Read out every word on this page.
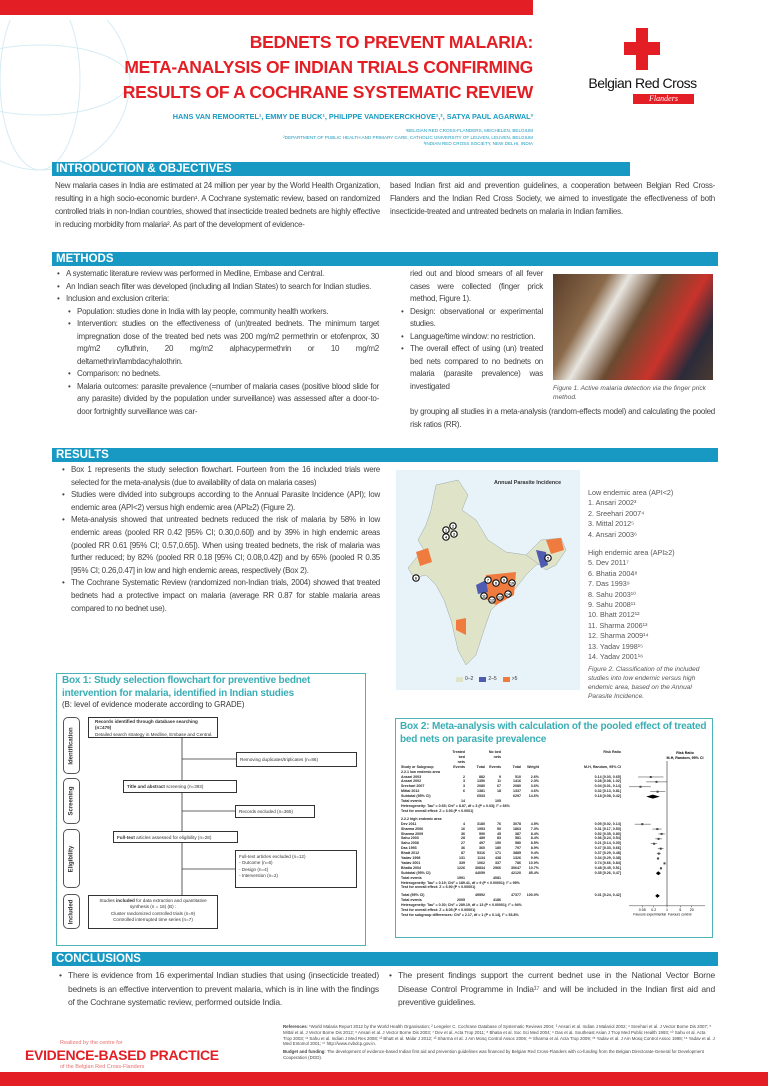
BEDNETS TO PREVENT MALARIA:
META-ANALYSIS OF INDIAN TRIALS CONFIRMING
RESULTS OF A COCHRANE SYSTEMATIC REVIEW
HANS VAN REMOORTEL¹, EMMY DE BUCK¹, PHILIPPE VANDEKERCKHOVE¹,², SATYA PAUL AGARWAL³
¹BELGIAN RED CROSS-FLANDERS, MECHELEN, BELGIUM
²DEPARTMENT OF PUBLIC HEALTH AND PRIMARY CARE, CATHOLIC UNIVERSITY OF LEUVEN, LEUVEN, BELGIUM
³INDIAN RED CROSS SOCIETY, NEW DELHI, INDIA
Belgian Red Cross
Flanders
INTRODUCTION & OBJECTIVES
New malaria cases in India are estimated at 24 million per year by the World Health Organization, resulting in a high socio-economic burden¹. A Cochrane systematic review, based on randomized controlled trials in non-Indian countries, showed that insecticide treated bednets are highly effective in reducing morbidity from malaria². As part of the development of evidence-
based Indian first aid and prevention guidelines, a cooperation between Belgian Red Cross-Flanders and the Indian Red Cross Society, we aimed to investigate the effectiveness of both insecticide-treated and untreated bednets on malaria in Indian families.
METHODS
• A systematic literature review was performed in Medline, Embase and Central.
• An Indian seach filter was developed (including all Indian States) to search for Indian studies.
• Inclusion and exclusion criteria:
• Population: studies done in India with lay people, community health workers.
• Intervention: studies on the effectiveness of (un)treated bednets. The minimum target impregnation dose of the treated bed nets was 200 mg/m2 permethrin or etofenprox, 30 mg/m2 cyfluthrin, 20 mg/m2 alphacypermethrin or 10 mg/m2 deltamethrin/lambdacyhalothrin.
• Comparison: no bednets.
• Malaria outcomes: parasite prevalence (=number of malaria cases (positive blood slide for any parasite) divided by the population under surveillance) was assessed after a door-to-door fortnightly surveillance was car-
Figure 1. Active malaria detection via the finger prick method.
ried out and blood smears of all fever cases were collected (finger prick method, Figure 1).
• Design: observational or experimental studies.
• Language/time window: no restriction.
• The overall effect of using (un) treated bed nets compared to no bednets on malaria (parasite prevalence) was investigated
by grouping all studies in a meta-analysis (random-effects model) and calculating the pooled risk ratios (RR).
RESULTS
• Box 1 represents the study selection flowchart. Fourteen from the 16 included trials were selected for the meta-analysis (due to availability of data on malaria cases)
• Studies were divided into subgroups according to the Annual Parasite Incidence (API); low endemic area (API<2) versus high endemic area (API≥2) (Figure 2).
• Meta-analysis showed that untreated bednets reduced the risk of malaria by 58% in low endemic areas (pooled RR 0.42 [95% CI; 0.30,0.60]) and by 39% in high endemic areas (pooled RR 0.61 [95% CI; 0.57,0.65]). When using treated bednets, the risk of malaria was further reduced; by 82% (pooled RR 0.18 [95% CI; 0.08,0.42]) and by 65% (pooled R 0.35 [95% CI; 0.26,0.47] in low and high endemic areas, respectively (Box 2).
• The Cochrane Systematic Review (randomized non-Indian trials, 2004) showed that treated bednets had a protective impact on malaria (average RR 0.87 for stable malaria areas compared to no bednet use).
1
2
3
4
5
6	7
8
9
10
11
12
13
14
Annual Parasite Incidence
0–2	2–5	>5
Low endemic area (API<2)
1. Ansari 2002³
2. Sreehari 2007⁴
3. Mittal 2012⁵
4. Ansari 2003⁶
High endemic area (API≥2)
5. Dev 2011⁷
6. Bhatia 2004⁸
7. Das 1993⁹
8. Sahu 2003¹⁰
9. Sahu 2008¹¹
10. Bhatt 2012¹²
11. Sharma 2006¹³
12. Sharma 2009¹⁴
13. Yadav 1998¹⁵
14. Yadav 2001¹⁶
Figure 2. Classification of the included studies into low endemic versus high endemic area, based on the Annual Parasite Incidence.
Box 1: Study selection flowchart for preventive bednet intervention for malaria, identified in Indian studies
(B: level of evidence moderate according to GRADE)
Identification
Screening
Eligibility
Included
Records identified through database searching (n=479)
Detailed search strategy in Medline, Embase and Central.
Removing duplicates/triplicates (n=86)
Title and abstract screening (n=393)
Records excluded (n=365)
Full-text articles assessed for eligibility (n=28)
Full-text articles excluded (n=12)
- Outcome (n=6)
- Design (n=4)
- Intervention (n=2)
Studies included for data extraction and quantitative synthesis (n = 16) (B) :
Cluster randomized controlled trials (n=9)
Controlled interrupted time series (n=7)
Box 2: Meta-analysis with calculation of the pooled effect of treated bed nets on parasite prevalence
	Treated bed nets		No bed nets			Risk Ratio
Study or Subgroup	Events	Total	Events	Total	Weight	M-H, Random, 95% CI
2.2.1 low endemic area						
Ansari 2003	2	882	9	510	2.6%	0.14 [0.03, 0.65]
Ansari 2002	3	1350	11	1416	2.3%	0.28 [0.08, 1.02]
Sreehari 2007	3	2080	67	2080	3.6%	0.04 [0.01, 0.14]
Mittal 2012	6	1381	18	1337	4.6%	0.32 [0.13, 0.81]
Subtotal (95% CI)		6533		6297	14.6%	0.18 [0.08, 0.42]
Total events	14		105			
Heterogeneity: Tau² = 0.65; Chi² = 8.87, df = 3 (P = 0.03); I² = 66%						
Test for overall effect: Z = 3.93 (P < 0.0001)						

2.2.2 high endemic area						
Dev 2011	4	3180	76	3078	4.5%	0.05 [0.02, 0.14]
Sharma 2006	16	1953	50	1863	7.3%	0.31 [0.17, 0.53]
Sharma 2009	36	590	45	387	8.4%	0.52 [0.35, 0.80]
Sahu 2003	28	489	83	581	8.4%	0.36 [0.24, 0.54]
Sahu 2008	27	497	150	580	8.5%	0.21 [0.14, 0.30]
Das 1993	36	360	180	797	8.9%	0.47 [0.33, 0.66]
Bhatt 2012	87	5316	171	3885	9.4%	0.37 [0.29, 0.48]
Yadav 1998	131	1134	438	1326	9.9%	0.34 [0.29, 0.38]
Yadav 2001	339	1062	337	786	10.0%	0.74 [0.66, 0.84]
Bhatia 2004	1226	30834	2566	30647	10.7%	0.48 [0.45, 0.51]
Subtotal (95% CI)		44059		42120	85.4%	0.35 [0.26, 0.47]
Total events	1991		4081			
Heterogeneity: Tau² = 0.19; Chi² = 189.41, df = 9 (P < 0.00001); I² = 95%						
Test for overall effect: Z = 6.90 (P < 0.00001)						

Total (95% CI)		49592		47377	100.0%	0.31 [0.24, 0.42]
Total events	2005		4186			
Heterogeneity: Tau² = 0.30; Chi² = 289.19, df = 13 (P < 0.00001); I² = 94%						
Test for overall effect: Z = 8.05 (P < 0.00001)						
Test for subgroup differences: Chi² = 2.17, df = 1 (P = 0.14), I² = 53.8%						
Risk Ratio
M-H, Random, 95% CI
0.05 0.2	1	5 20
Favours experimental Favours control
CONCLUSIONS
• There is evidence from 16 experimental Indian studies that using (insecticide treated) bednets is an effective intervention to prevent malaria, which is in line with the findings of the Cochrane systematic review, performed outside India.
• The present findings support the current bednet use in the National Vector Borne Disease Control Programme in India¹⁷ and will be included in the Indian first aid and preventive guidelines.
References: ¹World Malaria Report 2012 by the World Health Organisation; ² Lengeler C. Cochrane Database of Systematic Reviews 2004; ³ Ansari et al. Indian J Malariol 2002; ⁴ Sreehari et al. J Vector Borne Dis 2007; ⁵ Mittal et al. J Vector Borne Dis 2012; ⁶ Ansari et al. J Vector Borne Dis 2003; ⁷ Dev et al. Acta Trop 2011; ⁸ Bhatia et al. Soc Sci Med 2004; ⁹ Das et al. Southeast Asian J Trop Med Public Health 1993; ¹⁰ Sahu et al. Acta Trop 2003; ¹¹ Sahu et al. Indian J Med Res 2008; ¹² Bhatt et al. Malar J 2012; ¹³ Sharma et al. J Am Mosq Control Assoc 2006; ¹⁴ Sharma et al. Acta Trop 2009; ¹⁵ Yadav et al. J Am Mosq Control Assoc 1998; ¹⁶ Yadav et al. J Med Entomol 2001; ¹⁷ http://www.nvbdcp.gov.in.
Budget and funding: The development of evidence-based Indian first aid and prevention guidelines was financed by Belgian Red Cross-Flanders with co-funding from the Belgian Directorate-General for Development Cooperation (DGD).
Realized by the centre for
EVIDENCE-BASED PRACTICE
of the Belgian Red Cross-Flanders
